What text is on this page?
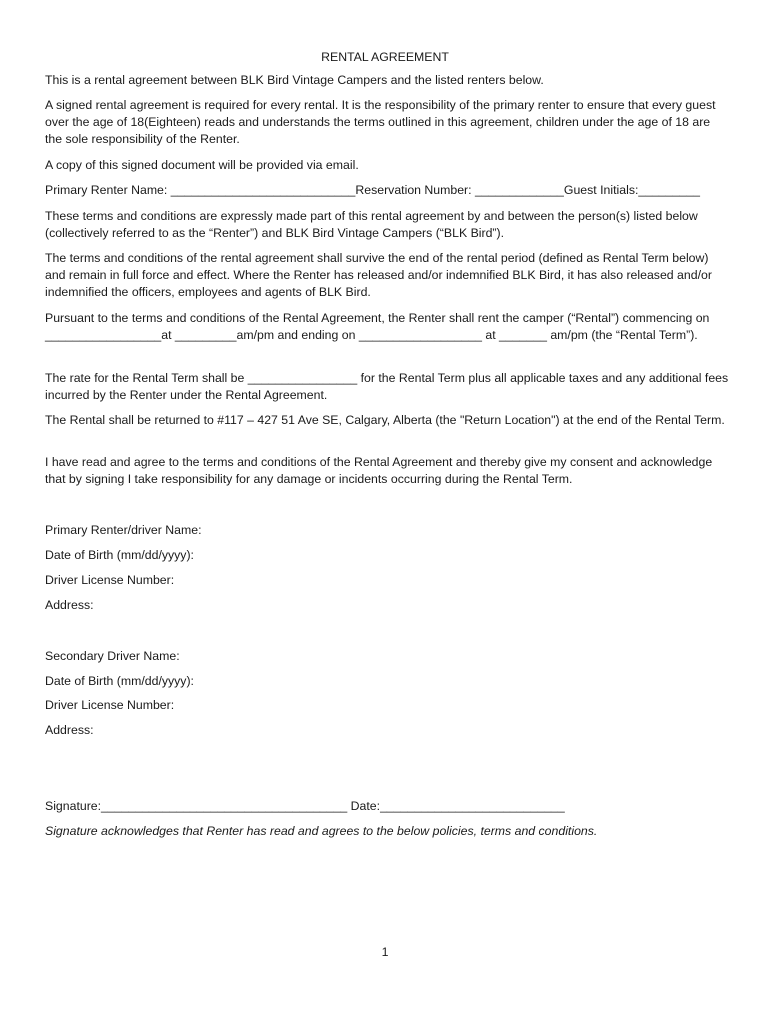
RENTAL AGREEMENT

This is a rental agreement between BLK Bird Vintage Campers and the listed renters below.

A signed rental agreement is required for every rental. It is the responsibility of the primary renter to ensure that every guest over the age of 18(Eighteen) reads and understands the terms outlined in this agreement, children under the age of 18 are the sole responsibility of the Renter.

A copy of this signed document will be provided via email.

Primary Renter Name: ___________________________Reservation Number: _____________Guest Initials:_________

These terms and conditions are expressly made part of this rental agreement by and between the person(s) listed below (collectively referred to as the “Renter”) and BLK Bird Vintage Campers (“BLK Bird”).

The terms and conditions of the rental agreement shall survive the end of the rental period (defined as Rental Term below) and remain in full force and effect. Where the Renter has released and/or indemnified BLK Bird, it has also released and/or indemnified the officers, employees and agents of BLK Bird.

Pursuant to the terms and conditions of the Rental Agreement, the Renter shall rent the camper (“Rental”) commencing on _________________at _________am/pm and ending on __________________ at _______ am/pm (the “Rental Term”).

The rate for the Rental Term shall be ________________ for the Rental Term plus all applicable taxes and any additional fees incurred by the Renter under the Rental Agreement.

The Rental shall be returned to #117 – 427 51 Ave SE, Calgary, Alberta (the "Return Location") at the end of the Rental Term.

I have read and agree to the terms and conditions of the Rental Agreement and thereby give my consent and acknowledge that by signing I take responsibility for any damage or incidents occurring during the Rental Term.

Primary Renter/driver Name:

Date of Birth (mm/dd/yyyy):

Driver License Number:

Address:

Secondary Driver Name:

Date of Birth (mm/dd/yyyy):

Driver License Number:

Address:

Signature:____________________________________ Date:___________________________

Signature acknowledges that Renter has read and agrees to the below policies, terms and conditions.

1
